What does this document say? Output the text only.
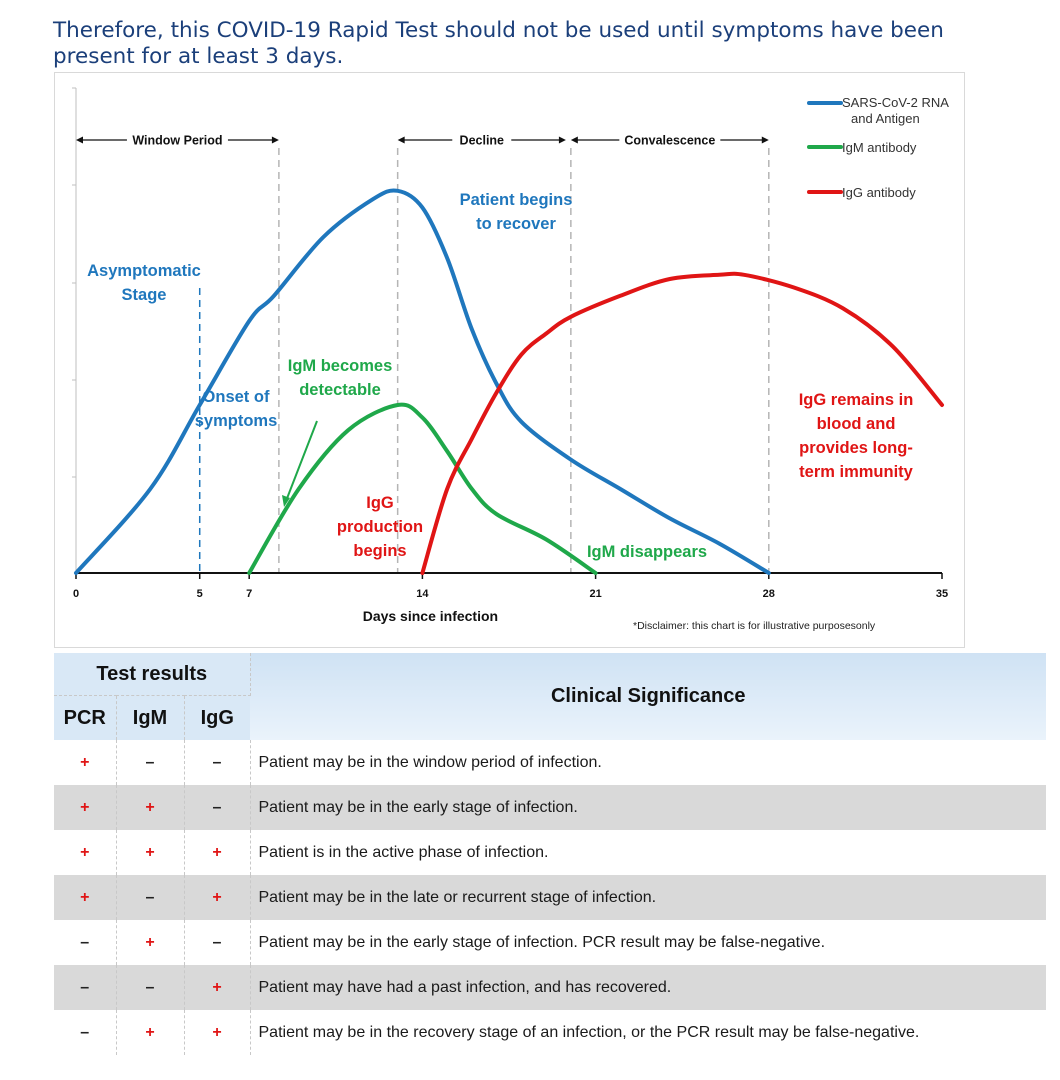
Therefore, this COVID-19 Rapid Test should not be used until symptoms have been
present for at least 3 days.

0	5	7	14	21	28	35
Days since infection
Window Period	Decline	Convalescence
SARS-CoV-2 RNA and Antigen
IgM antibody
IgG antibody
Asymptomatic Stage
Onset of symptoms
Patient begins to recover
IgM becomes detectable
IgG production begins	IgM disappears
IgG remains in blood and provides long-term immunity
*Disclaimer: this chart is for illustrative purposesonly
Test results			Clinical Significance
PCR	IgM	IgG	
+	–	–	Patient may be in the window period of infection.
+	+	–	Patient may be in the early stage of infection.
+	+	+	Patient is in the active phase of infection.
+	–	+	Patient may be in the late or recurrent stage of infection.
–	+	–	Patient may be in the early stage of infection. PCR result may be false-negative.
–	–	+	Patient may have had a past infection, and has recovered.
–	+	+	Patient may be in the recovery stage of an infection, or the PCR result may be false-negative.
